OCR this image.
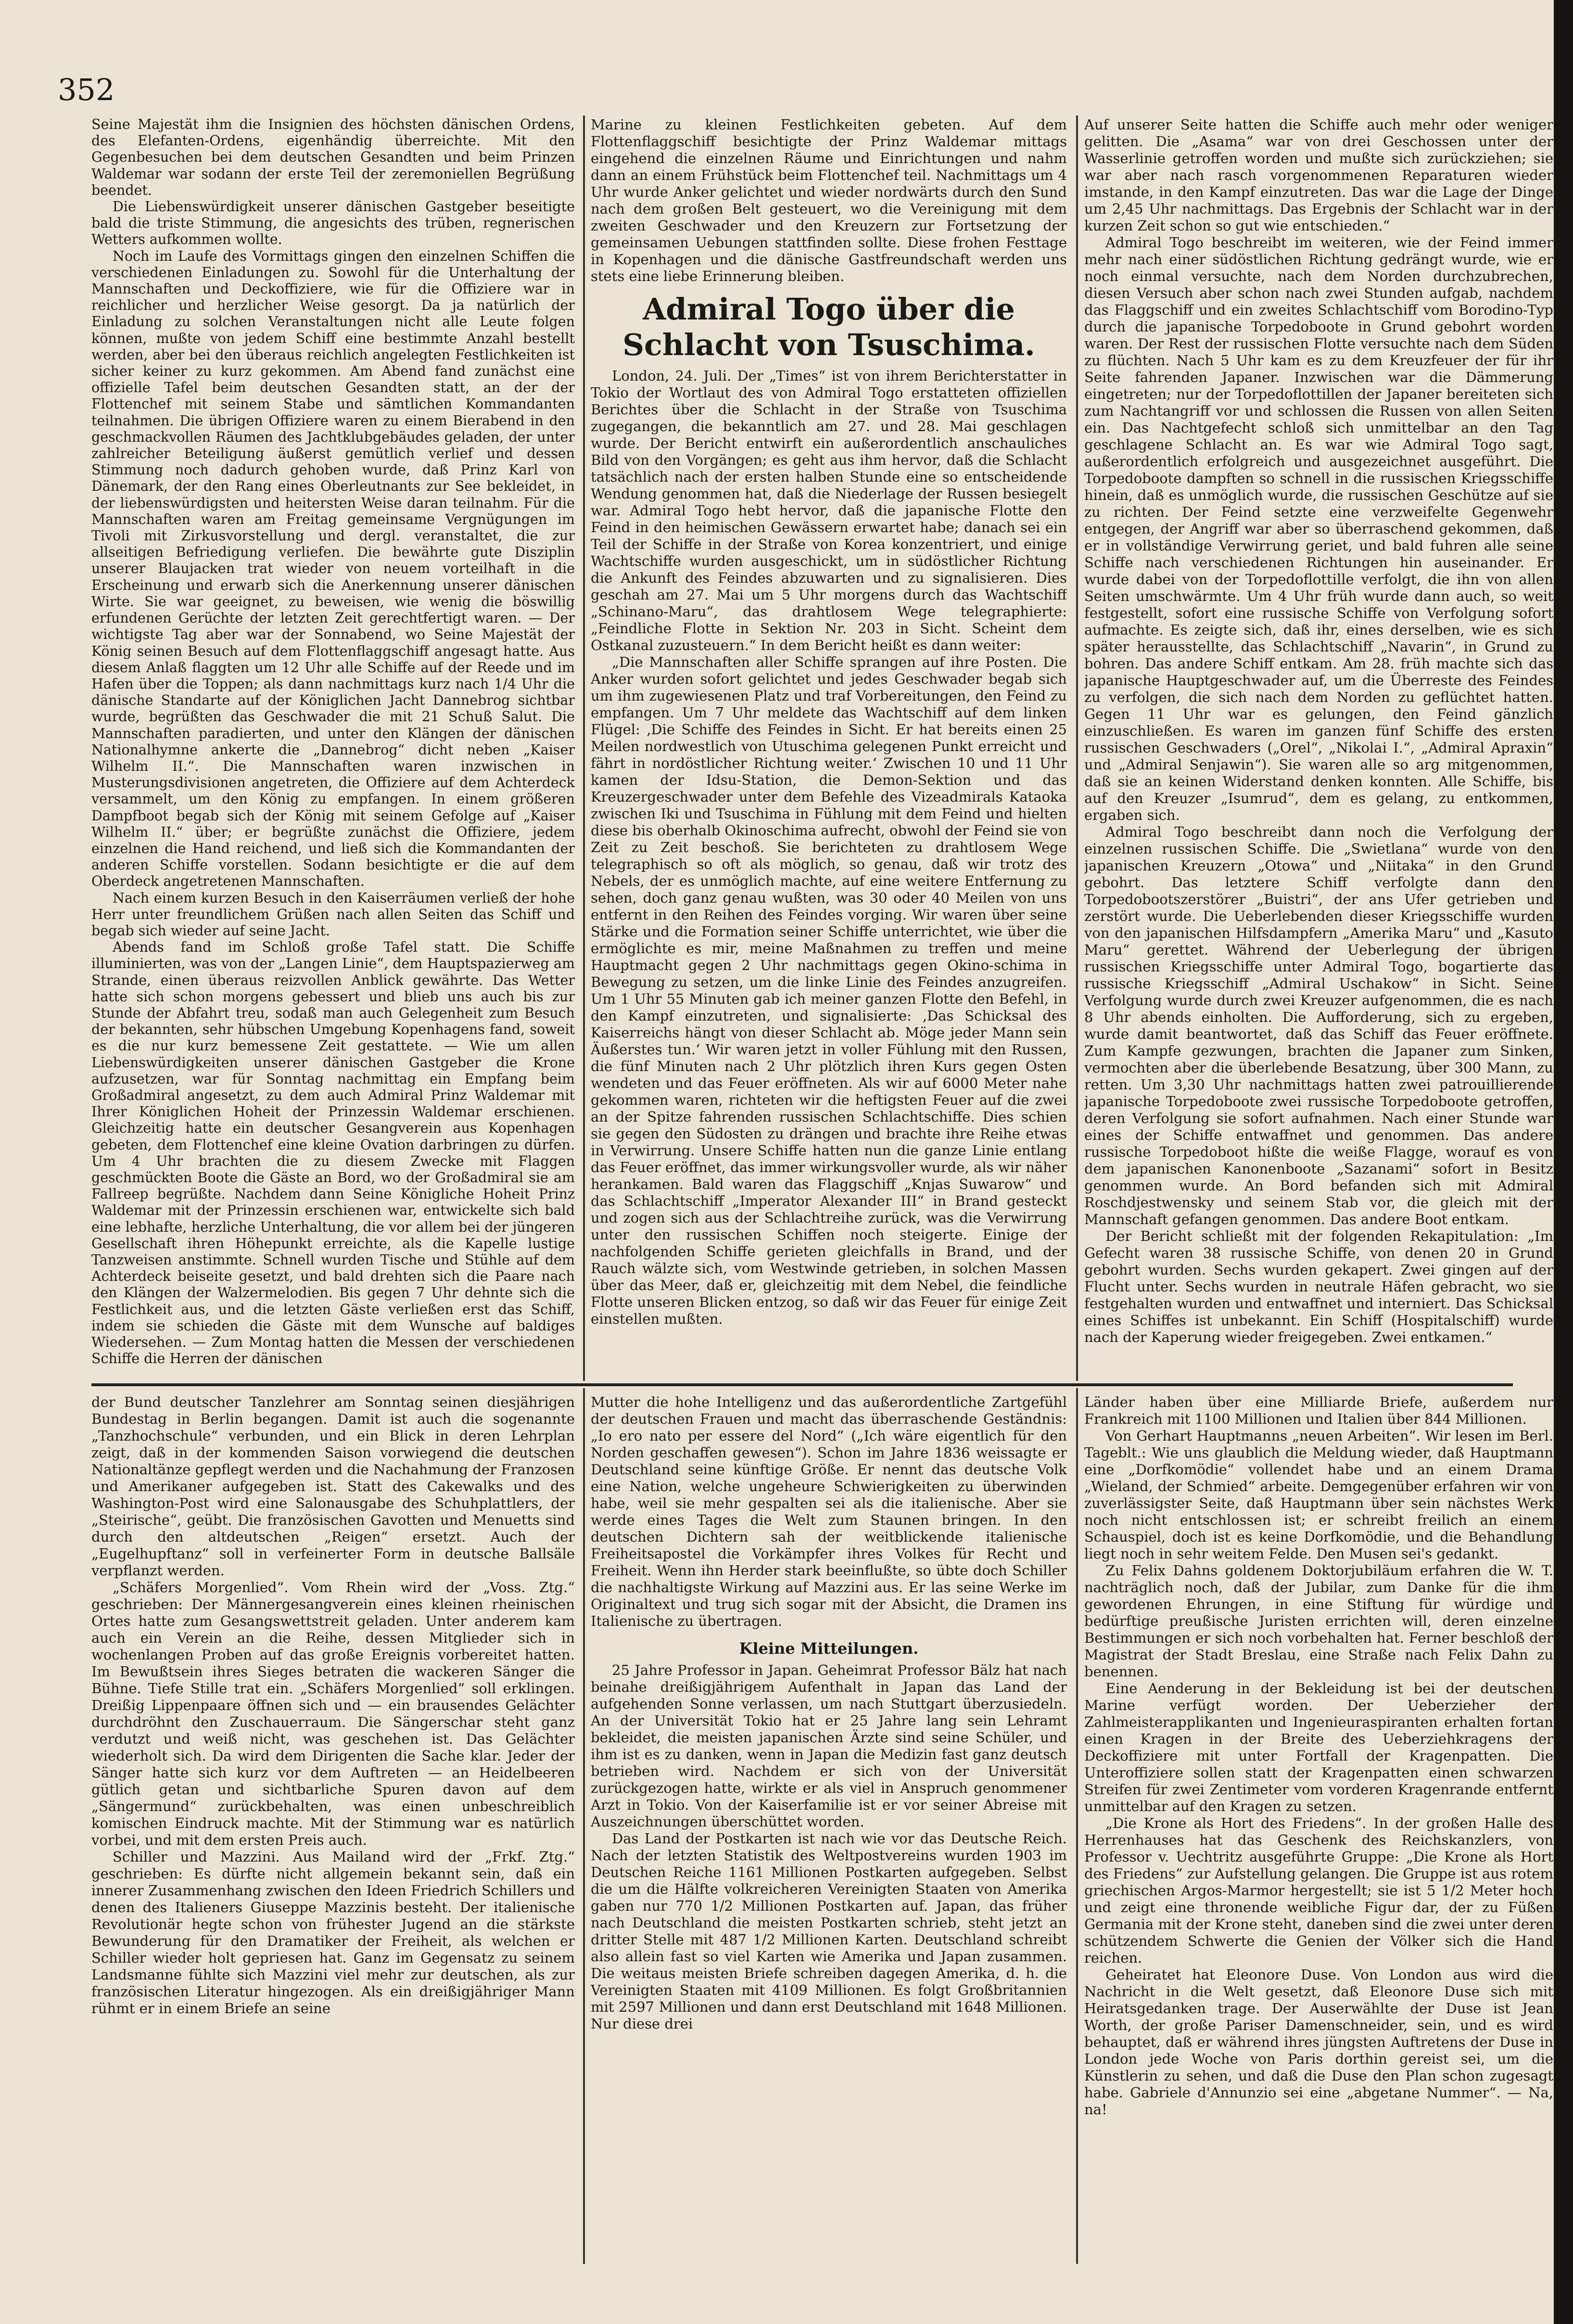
352

Seine Majestät ihm die Insignien des höchsten dänischen Ordens, des Elefanten-Ordens, eigenhändig überreichte. Mit den Gegenbesuchen bei dem deutschen Gesandten und beim Prinzen Waldemar war sodann der erste Teil der zeremoniellen Begrüßung beendet.

Die Liebenswürdigkeit unserer dänischen Gastgeber beseitigte bald die triste Stimmung, die angesichts des trüben, regnerischen Wetters aufkommen wollte.

Noch im Laufe des Vormittags gingen den einzelnen Schiffen die verschiedenen Einladungen zu. Sowohl für die Unterhaltung der Mannschaften und Deckoffiziere, wie für die Offiziere war in reichlicher und herzlicher Weise gesorgt. Da ja natürlich der Einladung zu solchen Veranstaltungen nicht alle Leute folgen können, mußte von jedem Schiff eine bestimmte Anzahl bestellt werden, aber bei den überaus reichlich angelegten Festlichkeiten ist sicher keiner zu kurz gekommen. Am Abend fand zunächst eine offizielle Tafel beim deutschen Gesandten statt, an der der Flottenchef mit seinem Stabe und sämtlichen Kommandanten teilnahmen. Die übrigen Offiziere waren zu einem Bierabend in den geschmackvollen Räumen des Jachtklubgebäudes geladen, der unter zahlreicher Beteiligung äußerst gemütlich verlief und dessen Stimmung noch dadurch gehoben wurde, daß Prinz Karl von Dänemark, der den Rang eines Oberleutnants zur See bekleidet, in der liebenswürdigsten und heitersten Weise daran teilnahm. Für die Mannschaften waren am Freitag gemeinsame Vergnügungen im Tivoli mit Zirkusvorstellung und dergl. veranstaltet, die zur allseitigen Befriedigung verliefen. Die bewährte gute Disziplin unserer Blaujacken trat wieder von neuem vorteilhaft in die Erscheinung und erwarb sich die Anerkennung unserer dänischen Wirte. Sie war geeignet, zu beweisen, wie wenig die böswillig erfundenen Gerüchte der letzten Zeit gerechtfertigt waren. — Der wichtigste Tag aber war der Sonnabend, wo Seine Majestät der König seinen Besuch auf dem Flottenflaggschiff angesagt hatte. Aus diesem Anlaß flaggten um 12 Uhr alle Schiffe auf der Reede und im Hafen über die Toppen; als dann nachmittags kurz nach 1/4 Uhr die dänische Standarte auf der Königlichen Jacht Dannebrog sichtbar wurde, begrüßten das Geschwader die mit 21 Schuß Salut. Die Mannschaften paradierten, und unter den Klängen der dänischen Nationalhymne ankerte die „Dannebrog“ dicht neben „Kaiser Wilhelm II.“. Die Mannschaften waren inzwischen in Musterungsdivisionen angetreten, die Offiziere auf dem Achterdeck versammelt, um den König zu empfangen. In einem größeren Dampfboot begab sich der König mit seinem Gefolge auf „Kaiser Wilhelm II.“ über; er begrüßte zunächst die Offiziere, jedem einzelnen die Hand reichend, und ließ sich die Kommandanten der anderen Schiffe vorstellen. Sodann besichtigte er die auf dem Oberdeck angetretenen Mannschaften.

Nach einem kurzen Besuch in den Kaiserräumen verließ der hohe Herr unter freundlichem Grüßen nach allen Seiten das Schiff und begab sich wieder auf seine Jacht.

Abends fand im Schloß große Tafel statt. Die Schiffe illuminierten, was von der „Langen Linie“, dem Hauptspazierweg am Strande, einen überaus reizvollen Anblick gewährte. Das Wetter hatte sich schon morgens gebessert und blieb uns auch bis zur Stunde der Abfahrt treu, sodaß man auch Gelegenheit zum Besuch der bekannten, sehr hübschen Umgebung Kopenhagens fand, soweit es die nur kurz bemessene Zeit gestattete. — Wie um allen Liebenswürdigkeiten unserer dänischen Gastgeber die Krone aufzusetzen, war für Sonntag nachmittag ein Empfang beim Großadmiral angesetzt, zu dem auch Admiral Prinz Waldemar mit Ihrer Königlichen Hoheit der Prinzessin Waldemar erschienen. Gleichzeitig hatte ein deutscher Gesangverein aus Kopenhagen gebeten, dem Flottenchef eine kleine Ovation darbringen zu dürfen. Um 4 Uhr brachten die zu diesem Zwecke mit Flaggen geschmückten Boote die Gäste an Bord, wo der Großadmiral sie am Fallreep begrüßte. Nachdem dann Seine Königliche Hoheit Prinz Waldemar mit der Prinzessin erschienen war, entwickelte sich bald eine lebhafte, herzliche Unterhaltung, die vor allem bei der jüngeren Gesellschaft ihren Höhepunkt erreichte, als die Kapelle lustige Tanzweisen anstimmte. Schnell wurden Tische und Stühle auf dem Achterdeck beiseite gesetzt, und bald drehten sich die Paare nach den Klängen der Walzermelodien. Bis gegen 7 Uhr dehnte sich die Festlichkeit aus, und die letzten Gäste verließen erst das Schiff, indem sie schieden die Gäste mit dem Wunsche auf baldiges Wiedersehen. — Zum Montag hatten die Messen der verschiedenen Schiffe die Herren der dänischen

Marine zu kleinen Festlichkeiten gebeten. Auf dem Flottenflaggschiff besichtigte der Prinz Waldemar mittags eingehend die einzelnen Räume und Einrichtungen und nahm dann an einem Frühstück beim Flottenchef teil. Nachmittags um 4 Uhr wurde Anker gelichtet und wieder nordwärts durch den Sund nach dem großen Belt gesteuert, wo die Vereinigung mit dem zweiten Geschwader und den Kreuzern zur Fortsetzung der gemeinsamen Uebungen stattfinden sollte. Diese frohen Festtage in Kopenhagen und die dänische Gastfreundschaft werden uns stets eine liebe Erinnerung bleiben.

Admiral Togo über die Schlacht von Tsuschima.

London, 24. Juli. Der „Times“ ist von ihrem Berichterstatter in Tokio der Wortlaut des von Admiral Togo erstatteten offiziellen Berichtes über die Schlacht in der Straße von Tsuschima zugegangen, die bekanntlich am 27. und 28. Mai geschlagen wurde. Der Bericht entwirft ein außerordentlich anschauliches Bild von den Vorgängen; es geht aus ihm hervor, daß die Schlacht tatsächlich nach der ersten halben Stunde eine so entscheidende Wendung genommen hat, daß die Niederlage der Russen besiegelt war. Admiral Togo hebt hervor, daß die japanische Flotte den Feind in den heimischen Gewässern erwartet habe; danach sei ein Teil der Schiffe in der Straße von Korea konzentriert, und einige Wachtschiffe wurden ausgeschickt, um in südöstlicher Richtung die Ankunft des Feindes abzuwarten und zu signalisieren. Dies geschah am 27. Mai um 5 Uhr morgens durch das Wachtschiff „Schinano-Maru“, das drahtlosem Wege telegraphierte: „Feindliche Flotte in Sektion Nr. 203 in Sicht. Scheint dem Ostkanal zuzusteuern.“ In dem Bericht heißt es dann weiter:

„Die Mannschaften aller Schiffe sprangen auf ihre Posten. Die Anker wurden sofort gelichtet und jedes Geschwader begab sich um ihm zugewiesenen Platz und traf Vorbereitungen, den Feind zu empfangen. Um 7 Uhr meldete das Wachtschiff auf dem linken Flügel: ‚Die Schiffe des Feindes in Sicht. Er hat bereits einen 25 Meilen nordwestlich von Utuschima gelegenen Punkt erreicht und fährt in nordöstlicher Richtung weiter.‘ Zwischen 10 und 11 Uhr kamen der Idsu-Station, die Demon-Sektion und das Kreuzergeschwader unter dem Befehle des Vizeadmirals Kataoka zwischen Iki und Tsuschima in Fühlung mit dem Feind und hielten diese bis oberhalb Okinoschima aufrecht, obwohl der Feind sie von Zeit zu Zeit beschoß. Sie berichteten zu drahtlosem Wege telegraphisch so oft als möglich, so genau, daß wir trotz des Nebels, der es unmöglich machte, auf eine weitere Entfernung zu sehen, doch ganz genau wußten, was 30 oder 40 Meilen von uns entfernt in den Reihen des Feindes vorging. Wir waren über seine Stärke und die Formation seiner Schiffe unterrichtet, wie über die ermöglichte es mir, meine Maßnahmen zu treffen und meine Hauptmacht gegen 2 Uhr nachmittags gegen Okino-schima in Bewegung zu setzen, um die linke Linie des Feindes anzugreifen. Um 1 Uhr 55 Minuten gab ich meiner ganzen Flotte den Befehl, in den Kampf einzutreten, und signalisierte: ‚Das Schicksal des Kaiserreichs hängt von dieser Schlacht ab. Möge jeder Mann sein Äußerstes tun.‘ Wir waren jetzt in voller Fühlung mit den Russen, die fünf Minuten nach 2 Uhr plötzlich ihren Kurs gegen Osten wendeten und das Feuer eröffneten. Als wir auf 6000 Meter nahe gekommen waren, richteten wir die heftigsten Feuer auf die zwei an der Spitze fahrenden russischen Schlachtschiffe. Dies schien sie gegen den Südosten zu drängen und brachte ihre Reihe etwas in Verwirrung. Unsere Schiffe hatten nun die ganze Linie entlang das Feuer eröffnet, das immer wirkungsvoller wurde, als wir näher herankamen. Bald waren das Flaggschiff „Knjas Suwarow“ und das Schlachtschiff „Imperator Alexander III“ in Brand gesteckt und zogen sich aus der Schlachtreihe zurück, was die Verwirrung unter den russischen Schiffen noch steigerte. Einige der nachfolgenden Schiffe gerieten gleichfalls in Brand, und der Rauch wälzte sich, vom Westwinde getrieben, in solchen Massen über das Meer, daß er, gleichzeitig mit dem Nebel, die feindliche Flotte unseren Blicken entzog, so daß wir das Feuer für einige Zeit einstellen mußten.

Auf unserer Seite hatten die Schiffe auch mehr oder weniger gelitten. Die „Asama“ war von drei Geschossen unter der Wasserlinie getroffen worden und mußte sich zurückziehen; sie war aber nach rasch vorgenommenen Reparaturen wieder imstande, in den Kampf einzutreten. Das war die Lage der Dinge um 2,45 Uhr nachmittags. Das Ergebnis der Schlacht war in der kurzen Zeit schon so gut wie entschieden.“

Admiral Togo beschreibt im weiteren, wie der Feind immer mehr nach einer südöstlichen Richtung gedrängt wurde, wie er noch einmal versuchte, nach dem Norden durchzubrechen, diesen Versuch aber schon nach zwei Stunden aufgab, nachdem das Flaggschiff und ein zweites Schlachtschiff vom Borodino-Typ durch die japanische Torpedoboote in Grund gebohrt worden waren. Der Rest der russischen Flotte versuchte nach dem Süden zu flüchten. Nach 5 Uhr kam es zu dem Kreuzfeuer der für ihr Seite fahrenden Japaner. Inzwischen war die Dämmerung eingetreten; nur der Torpedoflottillen der Japaner bereiteten sich zum Nachtangriff vor und schlossen die Russen von allen Seiten ein. Das Nachtgefecht schloß sich unmittelbar an den Tag geschlagene Schlacht an. Es war wie Admiral Togo sagt, außerordentlich erfolgreich und ausgezeichnet ausgeführt. Die Torpedoboote dampften so schnell in die russischen Kriegsschiffe hinein, daß es unmöglich wurde, die russischen Geschütze auf sie zu richten. Der Feind setzte eine verzweifelte Gegenwehr entgegen, der Angriff war aber so überraschend gekommen, daß er in vollständige Verwirrung geriet, und bald fuhren alle seine Schiffe nach verschiedenen Richtungen hin auseinander. Er wurde dabei von der Torpedoflottille verfolgt, die ihn von allen Seiten umschwärmte. Um 4 Uhr früh wurde dann auch, so weit festgestellt, sofort eine russische Schiffe von Verfolgung sofort aufmachte. Es zeigte sich, daß ihr, eines derselben, wie es sich später herausstellte, das Schlachtschiff „Navarin“, in Grund zu bohren. Das andere Schiff entkam. Am 28. früh machte sich das japanische Hauptgeschwader auf, um die Überreste des Feindes zu verfolgen, die sich nach dem Norden zu geflüchtet hatten. Gegen 11 Uhr war es gelungen, den Feind gänzlich einzuschließen. Es waren im ganzen fünf Schiffe des ersten russischen Geschwaders („Orel“, „Nikolai I.“, „Admiral Apraxin“ und „Admiral Senjawin“). Sie waren alle so arg mitgenommen, daß sie an keinen Widerstand denken konnten. Alle Schiffe, bis auf den Kreuzer „Isumrud“, dem es gelang, zu entkommen, ergaben sich.

Admiral Togo beschreibt dann noch die Verfolgung der einzelnen russischen Schiffe. Die „Swietlana“ wurde von den japanischen Kreuzern „Otowa“ und „Niitaka“ in den Grund gebohrt. Das letztere Schiff verfolgte dann den Torpedobootszerstörer „Buistri“, der ans Ufer getrieben und zerstört wurde. Die Ueberlebenden dieser Kriegsschiffe wurden von den japanischen Hilfsdampfern „Amerika Maru“ und „Kasuto Maru“ gerettet. Während der Ueberlegung der übrigen russischen Kriegsschiffe unter Admiral Togo, bogartierte das russische Kriegsschiff „Admiral Uschakow“ in Sicht. Seine Verfolgung wurde durch zwei Kreuzer aufgenommen, die es nach 8 Uhr abends einholten. Die Aufforderung, sich zu ergeben, wurde damit beantwortet, daß das Schiff das Feuer eröffnete. Zum Kampfe gezwungen, brachten die Japaner zum Sinken, vermochten aber die überlebende Besatzung, über 300 Mann, zu retten. Um 3,30 Uhr nachmittags hatten zwei patrouillierende japanische Torpedoboote zwei russische Torpedoboote getroffen, deren Verfolgung sie sofort aufnahmen. Nach einer Stunde war eines der Schiffe entwaffnet und genommen. Das andere russische Torpedoboot hißte die weiße Flagge, worauf es von dem japanischen Kanonenboote „Sazanami“ sofort in Besitz genommen wurde. An Bord befanden sich mit Admiral Roschdjestwensky und seinem Stab vor, die gleich mit der Mannschaft gefangen genommen. Das andere Boot entkam.

Der Bericht schließt mit der folgenden Rekapitulation: „Im Gefecht waren 38 russische Schiffe, von denen 20 in Grund gebohrt wurden. Sechs wurden gekapert. Zwei gingen auf der Flucht unter. Sechs wurden in neutrale Häfen gebracht, wo sie festgehalten wurden und entwaffnet und interniert. Das Schicksal eines Schiffes ist unbekannt. Ein Schiff (Hospitalschiff) wurde nach der Kaperung wieder freigegeben. Zwei entkamen.“

der Bund deutscher Tanzlehrer am Sonntag seinen diesjährigen Bundestag in Berlin begangen. Damit ist auch die sogenannte „Tanzhochschule“ verbunden, und ein Blick in deren Lehrplan zeigt, daß in der kommenden Saison vorwiegend die deutschen Nationaltänze gepflegt werden und die Nachahmung der Franzosen und Amerikaner aufgegeben ist. Statt des Cakewalks und des Washington-Post wird eine Salonausgabe des Schuhplattlers, der „Steirische“, geübt. Die französischen Gavotten und Menuetts sind durch den altdeutschen „Reigen“ ersetzt. Auch der „Eugelhupftanz“ soll in verfeinerter Form in deutsche Ballsäle verpflanzt werden.

„Schäfers Morgenlied“. Vom Rhein wird der „Voss. Ztg.“ geschrieben: Der Männergesangverein eines kleinen rheinischen Ortes hatte zum Gesangswettstreit geladen. Unter anderem kam auch ein Verein an die Reihe, dessen Mitglieder sich in wochenlangen Proben auf das große Ereignis vorbereitet hatten. Im Bewußtsein ihres Sieges betraten die wackeren Sänger die Bühne. Tiefe Stille trat ein. „Schäfers Morgenlied“ soll erklingen. Dreißig Lippenpaare öffnen sich und — ein brausendes Gelächter durchdröhnt den Zuschauerraum. Die Sängerschar steht ganz verdutzt und weiß nicht, was geschehen ist. Das Gelächter wiederholt sich. Da wird dem Dirigenten die Sache klar. Jeder der Sänger hatte sich kurz vor dem Auftreten — an Heidelbeeren gütlich getan und sichtbarliche Spuren davon auf dem „Sängermund“ zurückbehalten, was einen unbeschreiblich komischen Eindruck machte. Mit der Stimmung war es natürlich vorbei, und mit dem ersten Preis auch.

Schiller und Mazzini. Aus Mailand wird der „Frkf. Ztg.“ geschrieben: Es dürfte nicht allgemein bekannt sein, daß ein innerer Zusammenhang zwischen den Ideen Friedrich Schillers und denen des Italieners Giuseppe Mazzinis besteht. Der italienische Revolutionär hegte schon von frühester Jugend an die stärkste Bewunderung für den Dramatiker der Freiheit, als welchen er Schiller wieder holt gepriesen hat. Ganz im Gegensatz zu seinem Landsmanne fühlte sich Mazzini viel mehr zur deutschen, als zur französischen Literatur hingezogen. Als ein dreißigjähriger Mann rühmt er in einem Briefe an seine

Mutter die hohe Intelligenz und das außerordentliche Zartgefühl der deutschen Frauen und macht das überraschende Geständnis: „Io ero nato per essere del Nord“ („Ich wäre eigentlich für den Norden geschaffen gewesen“). Schon im Jahre 1836 weissagte er Deutschland seine künftige Größe. Er nennt das deutsche Volk eine Nation, welche ungeheure Schwierigkeiten zu überwinden habe, weil sie mehr gespalten sei als die italienische. Aber sie werde eines Tages die Welt zum Staunen bringen. In den deutschen Dichtern sah der weitblickende italienische Freiheitsapostel die Vorkämpfer ihres Volkes für Recht und Freiheit. Wenn ihn Herder stark beeinflußte, so übte doch Schiller die nachhaltigste Wirkung auf Mazzini aus. Er las seine Werke im Originaltext und trug sich sogar mit der Absicht, die Dramen ins Italienische zu übertragen.

Kleine Mitteilungen.

25 Jahre Professor in Japan. Geheimrat Professor Bälz hat nach beinahe dreißigjährigem Aufenthalt in Japan das Land der aufgehenden Sonne verlassen, um nach Stuttgart überzusiedeln. An der Universität Tokio hat er 25 Jahre lang sein Lehramt bekleidet, die meisten japanischen Ärzte sind seine Schüler, und ihm ist es zu danken, wenn in Japan die Medizin fast ganz deutsch betrieben wird. Nachdem er sich von der Universität zurückgezogen hatte, wirkte er als viel in Anspruch genommener Arzt in Tokio. Von der Kaiserfamilie ist er vor seiner Abreise mit Auszeichnungen überschüttet worden.

Das Land der Postkarten ist nach wie vor das Deutsche Reich. Nach der letzten Statistik des Weltpostvereins wurden 1903 im Deutschen Reiche 1161 Millionen Postkarten aufgegeben. Selbst die um die Hälfte volkreicheren Vereinigten Staaten von Amerika gaben nur 770 1/2 Millionen Postkarten auf. Japan, das früher nach Deutschland die meisten Postkarten schrieb, steht jetzt an dritter Stelle mit 487 1/2 Millionen Karten. Deutschland schreibt also allein fast so viel Karten wie Amerika und Japan zusammen. Die weitaus meisten Briefe schreiben dagegen Amerika, d. h. die Vereinigten Staaten mit 4109 Millionen. Es folgt Großbritannien mit 2597 Millionen und dann erst Deutschland mit 1648 Millionen. Nur diese drei

Länder haben über eine Milliarde Briefe, außerdem nur Frankreich mit 1100 Millionen und Italien über 844 Millionen.

Von Gerhart Hauptmanns „neuen Arbeiten“. Wir lesen im Berl. Tageblt.: Wie uns glaublich die Meldung wieder, daß Hauptmann eine „Dorfkomödie“ vollendet habe und an einem Drama „Wieland, der Schmied“ arbeite. Demgegenüber erfahren wir von zuverlässigster Seite, daß Hauptmann über sein nächstes Werk noch nicht entschlossen ist; er schreibt freilich an einem Schauspiel, doch ist es keine Dorfkomödie, und die Behandlung liegt noch in sehr weitem Felde. Den Musen sei's gedankt.

Zu Felix Dahns goldenem Doktorjubiläum erfahren die W. T. nachträglich noch, daß der Jubilar, zum Danke für die ihm gewordenen Ehrungen, in eine Stiftung für würdige und bedürftige preußische Juristen errichten will, deren einzelne Bestimmungen er sich noch vorbehalten hat. Ferner beschloß der Magistrat der Stadt Breslau, eine Straße nach Felix Dahn zu benennen.

Eine Aenderung in der Bekleidung ist bei der deutschen Marine verfügt worden. Der Ueberzieher der Zahlmeisterapplikanten und Ingenieuraspiranten erhalten fortan einen Kragen in der Breite des Ueberziehkragens der Deckoffiziere mit unter Fortfall der Kragenpatten. Die Unteroffiziere sollen statt der Kragenpatten einen schwarzen Streifen für zwei Zentimeter vom vorderen Kragenrande entfernt unmittelbar auf den Kragen zu setzen.

„Die Krone als Hort des Friedens“. In der großen Halle des Herrenhauses hat das Geschenk des Reichskanzlers, von Professor v. Uechtritz ausgeführte Gruppe: „Die Krone als Hort des Friedens“ zur Aufstellung gelangen. Die Gruppe ist aus rotem griechischen Argos-Marmor hergestellt; sie ist 5 1/2 Meter hoch und zeigt eine thronende weibliche Figur dar, der zu Füßen Germania mit der Krone steht, daneben sind die zwei unter deren schützendem Schwerte die Genien der Völker sich die Hand reichen.

Geheiratet hat Eleonore Duse. Von London aus wird die Nachricht in die Welt gesetzt, daß Eleonore Duse sich mit Heiratsgedanken trage. Der Auserwählte der Duse ist Jean Worth, der große Pariser Damenschneider, sein, und es wird behauptet, daß er während ihres jüngsten Auftretens der Duse in London jede Woche von Paris dorthin gereist sei, um die Künstlerin zu sehen, und daß die Duse den Plan schon zugesagt habe. Gabriele d'Annunzio sei eine „abgetane Nummer“. — Na, na!
